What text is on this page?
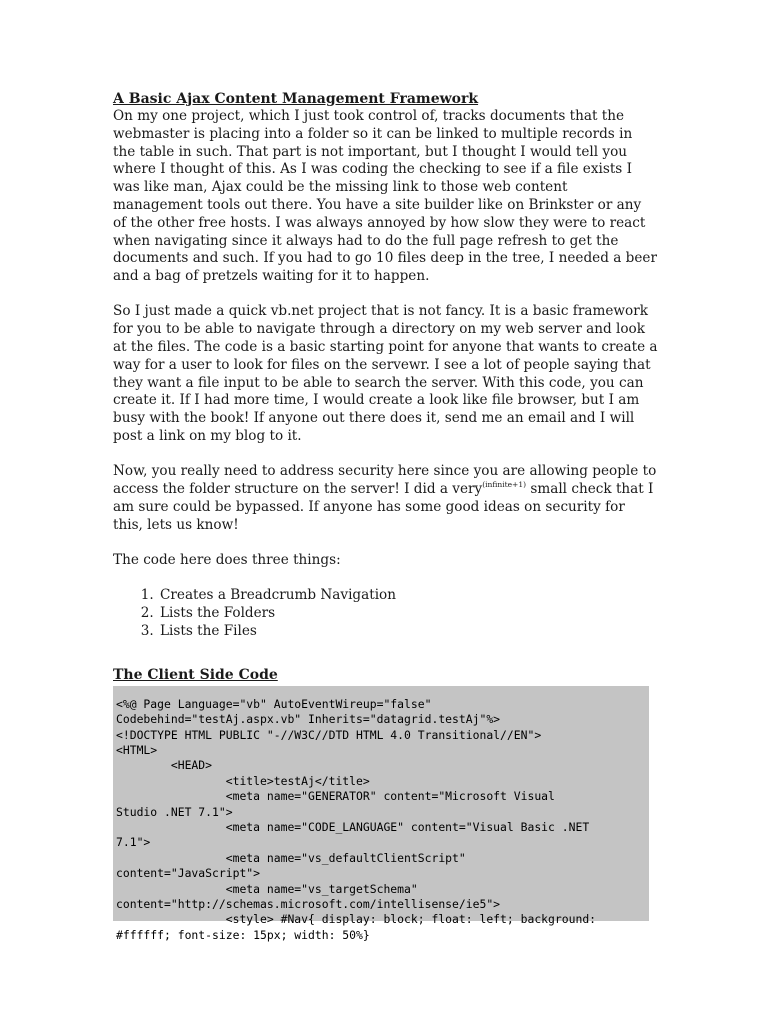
A Basic Ajax Content Management Framework

On my one project, which I just took control of, tracks documents that the webmaster is placing into a folder so it can be linked to multiple records in the table in such. That part is not important, but I thought I would tell you where I thought of this. As I was coding the checking to see if a file exists I was like man, Ajax could be the missing link to those web content management tools out there. You have a site builder like on Brinkster or any of the other free hosts. I was always annoyed by how slow they were to react when navigating since it always had to do the full page refresh to get the documents and such. If you had to go 10 files deep in the tree, I needed a beer and a bag of pretzels waiting for it to happen.

So I just made a quick vb.net project that is not fancy. It is a basic framework for you to be able to navigate through a directory on my web server and look at the files. The code is a basic starting point for anyone that wants to create a way for a user to look for files on the servewr. I see a lot of people saying that they want a file input to be able to search the server. With this code, you can create it. If I had more time, I would create a look like file browser, but I am busy with the book! If anyone out there does it, send me an email and I will post a link on my blog to it.

Now, you really need to address security here since you are allowing people to access the folder structure on the server! I did a very$^{(infinite+1)}$ small check that I am sure could be bypassed. If anyone has some good ideas on security for this, lets us know!

The code here does three things:

1. Creates a Breadcrumb Navigation
2. Lists the Folders
3. Lists the Files

The Client Side Code

<%@ Page Language="vb" AutoEventWireup="false"
Codebehind="testAj.aspx.vb" Inherits="datagrid.testAj"%>
<!DOCTYPE HTML PUBLIC "-//W3C//DTD HTML 4.0 Transitional//EN">
<HTML>
<HEAD>
<title>testAj</title>
<meta name="GENERATOR" content="Microsoft Visual
Studio .NET 7.1">
<meta name="CODE_LANGUAGE" content="Visual Basic .NET
7.1">
<meta name="vs_defaultClientScript"
content="JavaScript">
<meta name="vs_targetSchema"
content="http://schemas.microsoft.com/intellisense/ie5">
<style> #Nav{ display: block; float: left; background:
#ffffff; font-size: 15px; width: 50%}
